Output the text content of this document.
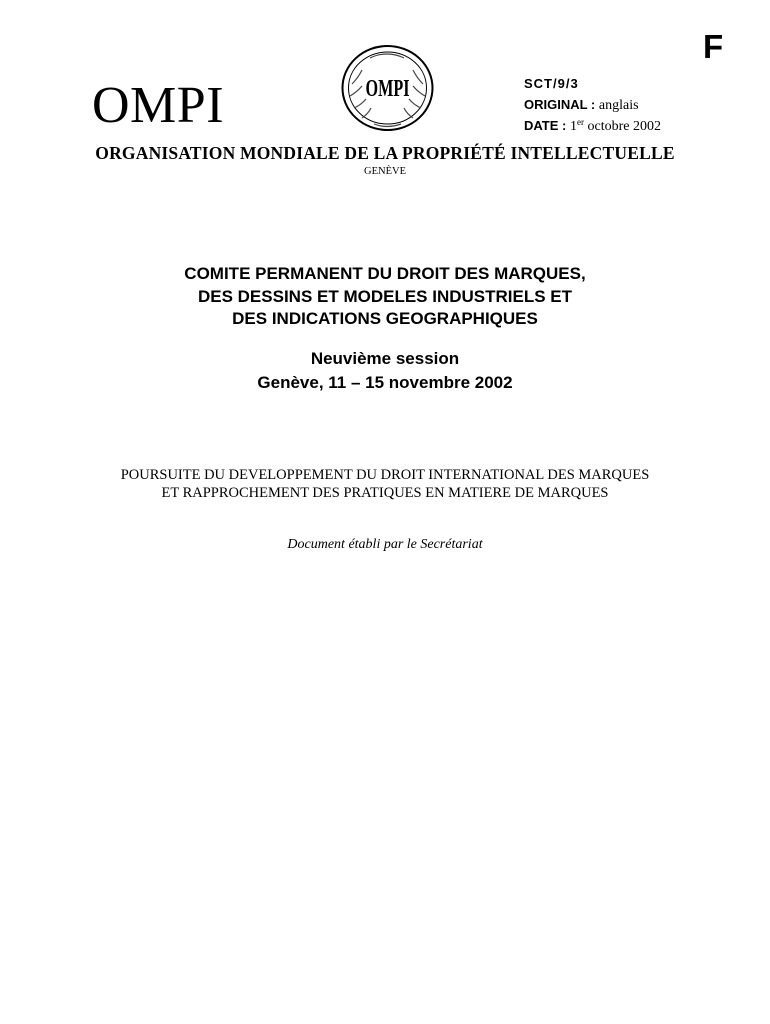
F
OMPI	OMPI	SCT/9/3
ORIGINAL : anglais
DATE : 1er octobre 2002
ORGANISATION MONDIALE DE LA PROPRIÉTÉ INTELLECTUELLE
GENÈVE
COMITE PERMANENT DU DROIT DES MARQUES,
DES DESSINS ET MODELES INDUSTRIELS ET
DES INDICATIONS GEOGRAPHIQUES
Neuvième session
Genève, 11 – 15 novembre 2002
POURSUITE DU DEVELOPPEMENT DU DROIT INTERNATIONAL DES MARQUES
ET RAPPROCHEMENT DES PRATIQUES EN MATIERE DE MARQUES
Document établi par le Secrétariat
